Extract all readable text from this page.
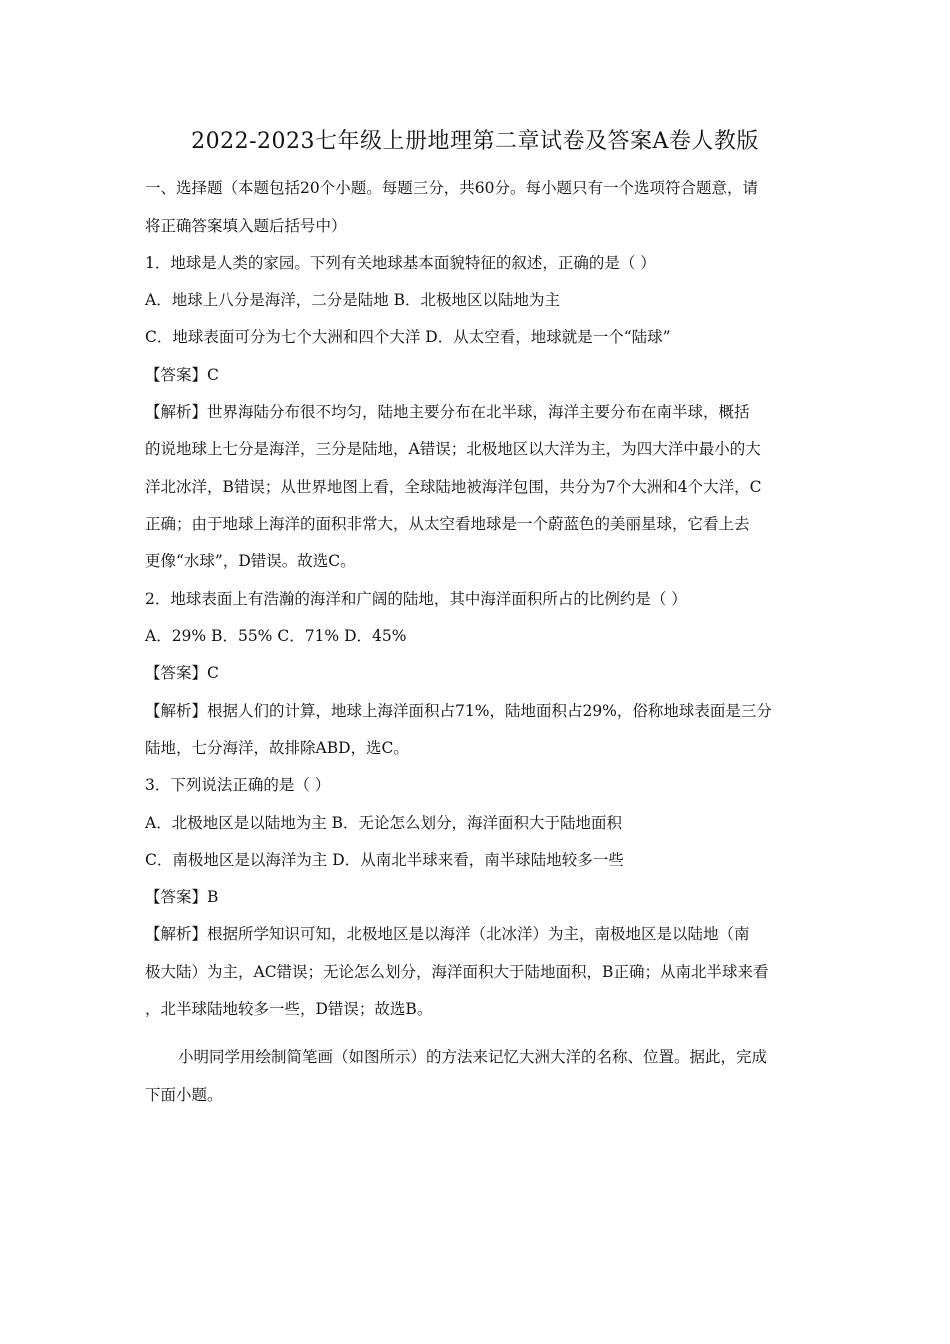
2022-2023七年级上册地理第二章试卷及答案A卷人教版
一、选择题（本题包括20个小题。每题三分，共60分。每小题只有一个选项符合题意，请
将正确答案填入题后括号中）
1．地球是人类的家园。下列有关地球基本面貌特征的叙述，正确的是（ ）
A．地球上八分是海洋，二分是陆地 B．北极地区以陆地为主
C．地球表面可分为七个大洲和四个大洋 D．从太空看，地球就是一个“陆球”
【答案】C
【解析】世界海陆分布很不均匀，陆地主要分布在北半球，海洋主要分布在南半球，概括
的说地球上七分是海洋，三分是陆地，A错误；北极地区以大洋为主，为四大洋中最小的大
洋北冰洋，B错误；从世界地图上看，全球陆地被海洋包围，共分为7个大洲和4个大洋，C
正确；由于地球上海洋的面积非常大，从太空看地球是一个蔚蓝色的美丽星球，它看上去
更像“水球”，D错误。故选C。
2．地球表面上有浩瀚的海洋和广阔的陆地，其中海洋面积所占的比例约是（ ）
A．29% B．55% C．71% D．45%
【答案】C
【解析】根据人们的计算，地球上海洋面积占71%，陆地面积占29%，俗称地球表面是三分
陆地，七分海洋，故排除ABD，选C。
3．下列说法正确的是（ ）
A．北极地区是以陆地为主 B．无论怎么划分，海洋面积大于陆地面积
C．南极地区是以海洋为主 D．从南北半球来看，南半球陆地较多一些
【答案】B
【解析】根据所学知识可知，北极地区是以海洋（北冰洋）为主，南极地区是以陆地（南
极大陆）为主，AC错误；无论怎么划分，海洋面积大于陆地面积，B正确；从南北半球来看
，北半球陆地较多一些，D错误；故选B。
小明同学用绘制简笔画（如图所示）的方法来记忆大洲大洋的名称、位置。据此，完成
下面小题。
